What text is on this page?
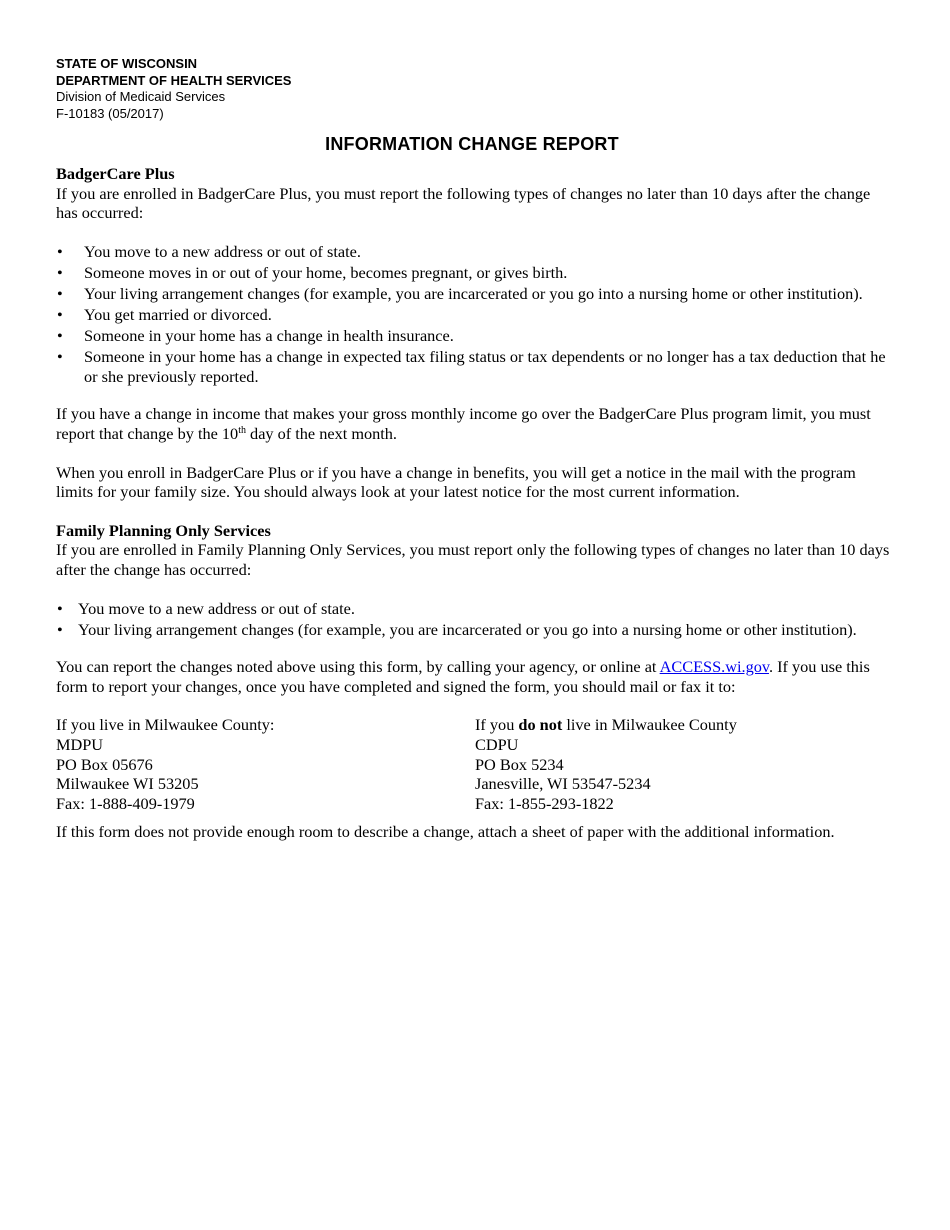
STATE OF WISCONSIN
DEPARTMENT OF HEALTH SERVICES
Division of Medicaid Services
F-10183 (05/2017)
INFORMATION CHANGE REPORT

BadgerCare Plus

If you are enrolled in BadgerCare Plus, you must report the following types of changes no later than 10 days after the change has occurred:

• You move to a new address or out of state.
• Someone moves in or out of your home, becomes pregnant, or gives birth.
• Your living arrangement changes (for example, you are incarcerated or you go into a nursing home or other institution).
• You get married or divorced.
• Someone in your home has a change in health insurance.
• Someone in your home has a change in expected tax filing status or tax dependents or no longer has a tax deduction that he or she previously reported.

If you have a change in income that makes your gross monthly income go over the BadgerCare Plus program limit, you must report that change by the 10th day of the next month.

When you enroll in BadgerCare Plus or if you have a change in benefits, you will get a notice in the mail with the program limits for your family size. You should always look at your latest notice for the most current information.

Family Planning Only Services

If you are enrolled in Family Planning Only Services, you must report only the following types of changes no later than 10 days after the change has occurred:

• You move to a new address or out of state.
• Your living arrangement changes (for example, you are incarcerated or you go into a nursing home or other institution).

You can report the changes noted above using this form, by calling your agency, or online at ACCESS.wi.gov. If you use this form to report your changes, once you have completed and signed the form, you should mail or fax it to:

If you live in Milwaukee County:
MDPU
PO Box 05676
Milwaukee WI 53205
Fax: 1-888-409-1979
If you do not live in Milwaukee County
CDPU
PO Box 5234
Janesville, WI 53547-5234
Fax: 1-855-293-1822
If this form does not provide enough room to describe a change, attach a sheet of paper with the additional information.
